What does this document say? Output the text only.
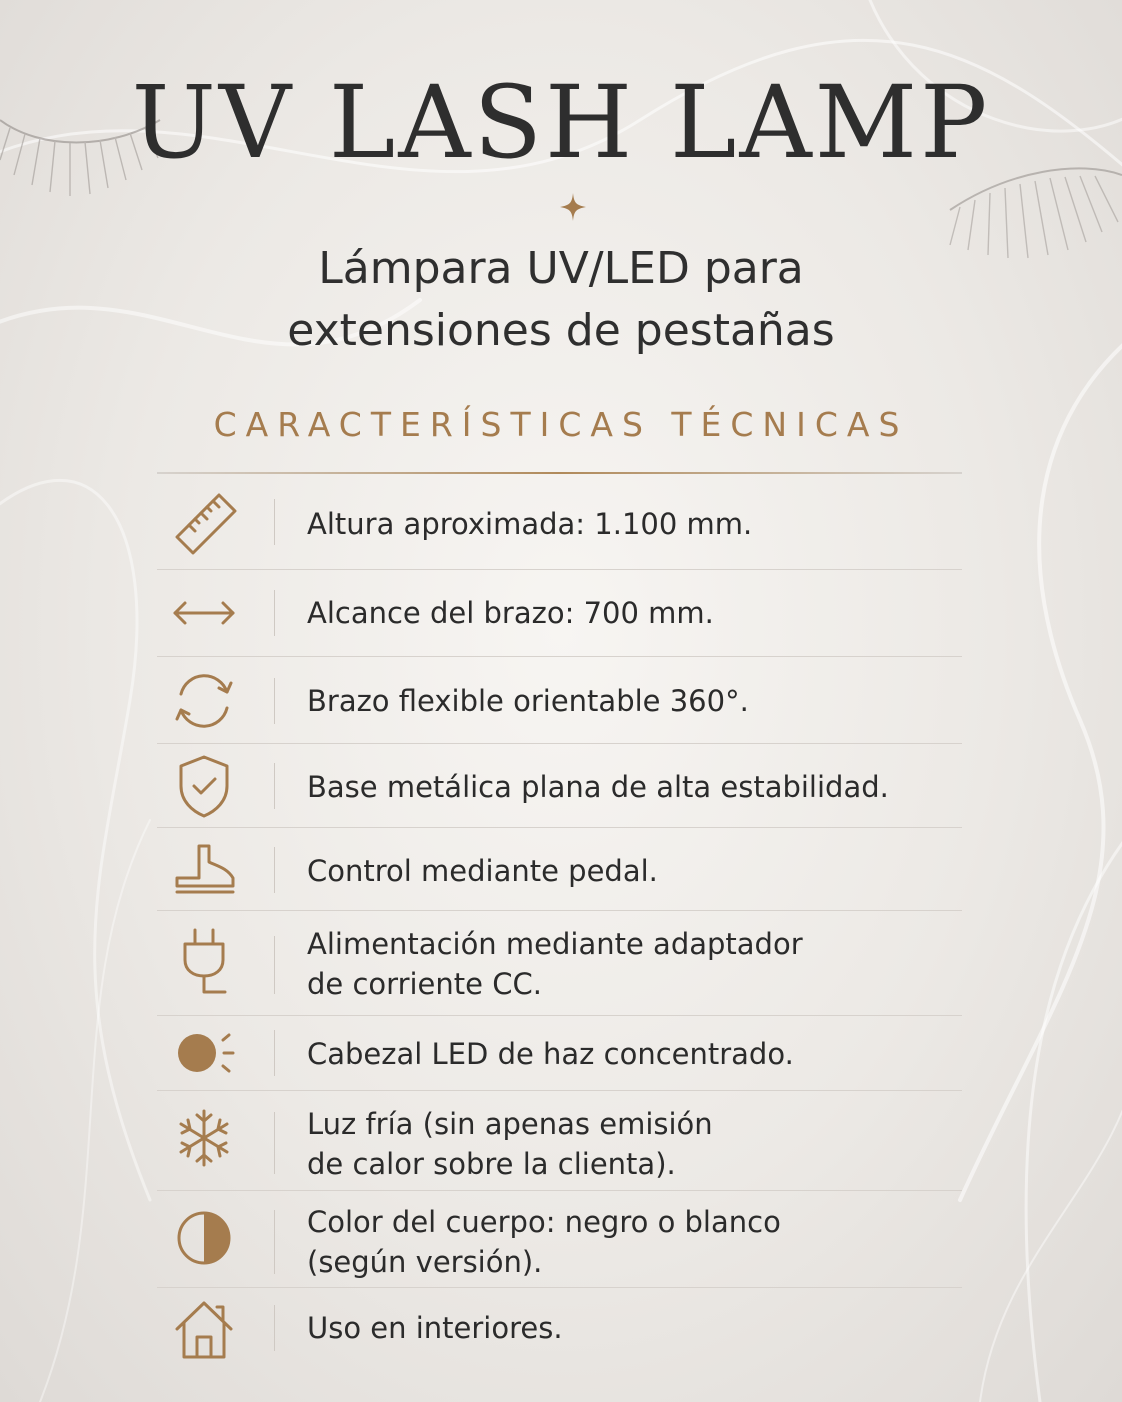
UV LASH LAMP
Lámpara UV/LED para
extensiones de pestañas
CARACTERÍSTICAS TÉCNICAS
Altura aproximada: 1.100 mm.
Alcance del brazo: 700 mm.
Brazo flexible orientable 360°.
Base metálica plana de alta estabilidad.
Control mediante pedal.
Alimentación mediante adaptador
de corriente CC.
Cabezal LED de haz concentrado.
Luz fría (sin apenas emisión
de calor sobre la clienta).
Color del cuerpo: negro o blanco
(según versión).
Uso en interiores.
